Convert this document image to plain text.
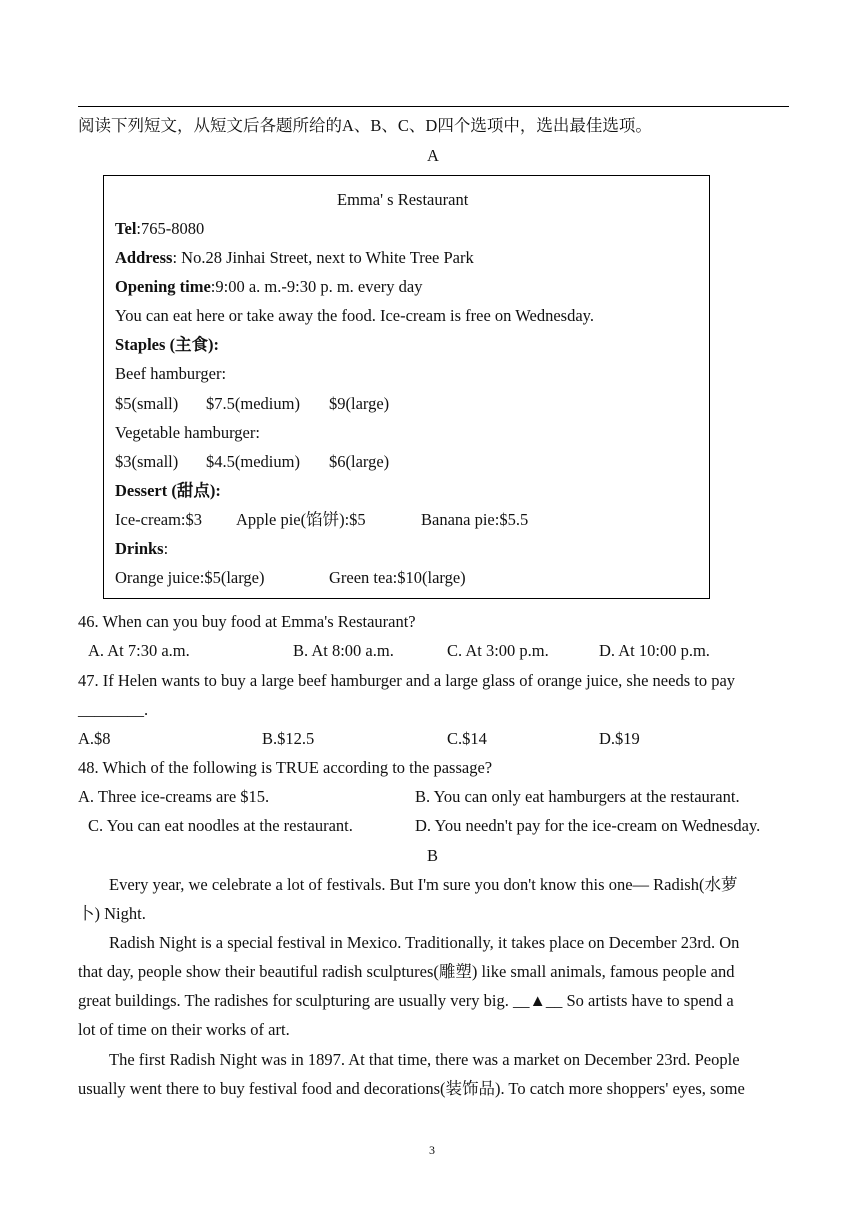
阅读下列短文，从短文后各题所给的A、B、C、D四个选项中，选出最佳选项。
A
Emma' s Restaurant
Tel:765-8080
Address: No.28 Jinhai Street, next to White Tree Park
Opening time:9:00 a. m.-9:30 p. m. every day
You can eat here or take away the food. Ice-cream is free on Wednesday.
Staples (主食):
Beef hamburger:
$5(small) $7.5(medium) $9(large)
Vegetable hamburger:
$3(small) $4.5(medium) $6(large)
Dessert (甜点):
Ice-cream:$3 Apple pie(馅饼):$5	Banana pie:$5.5
Drinks:
Orange juice:$5(large)	Green tea:$10(large)
46. When can you buy food at Emma's Restaurant?
A. At 7:30 a.m.	B. At 8:00 a.m.	C. At 3:00 p.m.	D. At 10:00 p.m.
47. If Helen wants to buy a large beef hamburger and a large glass of orange juice, she needs to pay
________.
A.$8	B.$12.5	C.$14	D.$19
48. Which of the following is TRUE according to the passage?
A. Three ice-creams are $15.	B. You can only eat hamburgers at the restaurant.
C. You can eat noodles at the restaurant.	D. You needn't pay for the ice-cream on Wednesday.
B
Every year, we celebrate a lot of festivals. But I'm sure you don't know this one— Radish(水萝
卜) Night.
Radish Night is a special festival in Mexico. Traditionally, it takes place on December 23rd. On
that day, people show their beautiful radish sculptures(雕塑) like small animals, famous people and
great buildings. The radishes for sculpturing are usually very big. __▲__ So artists have to spend a
lot of time on their works of art.
The first Radish Night was in 1897. At that time, there was a market on December 23rd. People
usually went there to buy festival food and decorations(装饰品). To catch more shoppers' eyes, some
3
